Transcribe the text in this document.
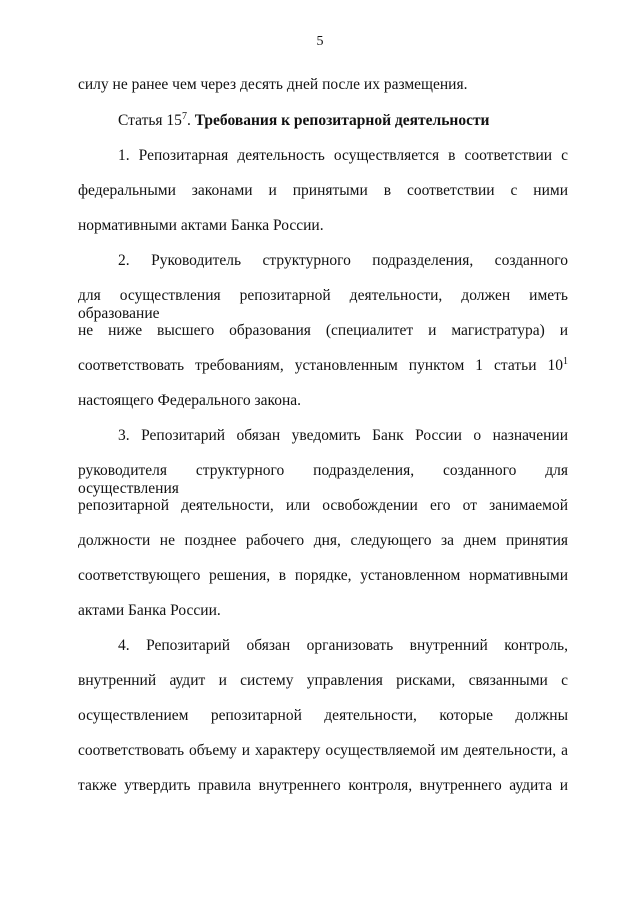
5
силу не ранее чем через десять дней после их размещения.
Статья $15^7$. Требования к репозитарной деятельности
1. Репозитарная деятельность осуществляется в соответствии с
федеральными законами и принятыми в соответствии с ними
нормативными актами Банка России.
2. Руководитель структурного подразделения, созданного
для осуществления репозитарной деятельности, должен иметь образование
не ниже высшего образования (специалитет и магистратура) и
соответствовать требованиям, установленным пунктом 1 статьи $10^1$
настоящего Федерального закона.
3. Репозитарий обязан уведомить Банк России о назначении
руководителя структурного подразделения, созданного для осуществления
репозитарной деятельности, или освобождении его от занимаемой
должности не позднее рабочего дня, следующего за днем принятия
соответствующего решения, в порядке, установленном нормативными
актами Банка России.
4. Репозитарий обязан организовать внутренний контроль,
внутренний аудит и систему управления рисками, связанными с
осуществлением репозитарной деятельности, которые должны
соответствовать объему и характеру осуществляемой им деятельности, а
также утвердить правила внутреннего контроля, внутреннего аудита и
